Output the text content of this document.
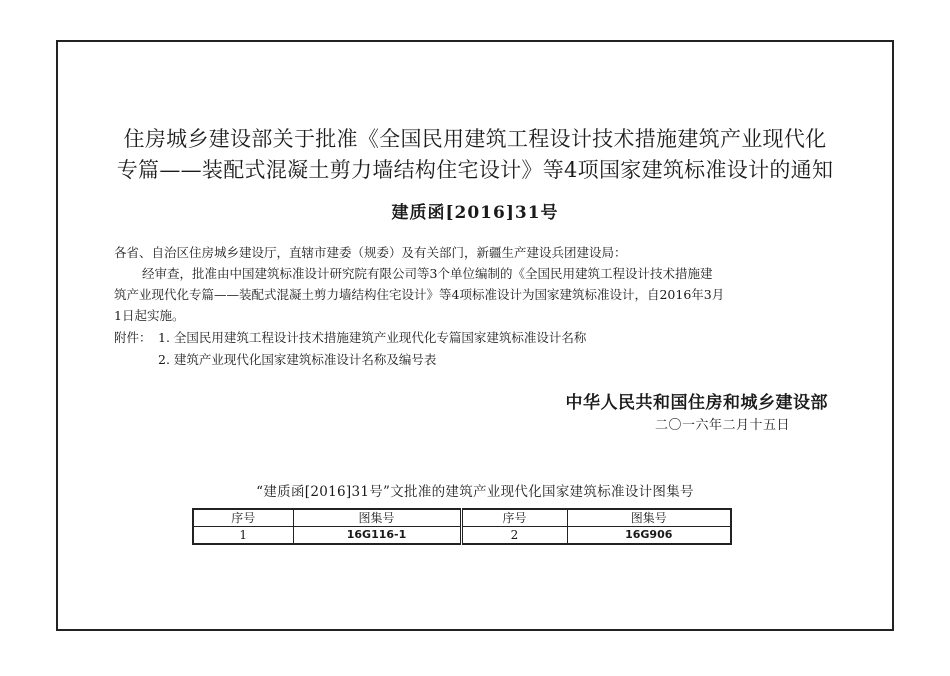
住房城乡建设部关于批准《全国民用建筑工程设计技术措施建筑产业现代化
专篇——装配式混凝土剪力墙结构住宅设计》等4项国家建筑标准设计的通知
建质函[2016]31号
各省、自治区住房城乡建设厅，直辖市建委（规委）及有关部门，新疆生产建设兵团建设局：
经审查，批准由中国建筑标准设计研究院有限公司等3个单位编制的《全国民用建筑工程设计技术措施建
筑产业现代化专篇——装配式混凝土剪力墙结构住宅设计》等4项标准设计为国家建筑标准设计，自2016年3月
1日起实施。
附件： 1. 全国民用建筑工程设计技术措施建筑产业现代化专篇国家建筑标准设计名称
2. 建筑产业现代化国家建筑标准设计名称及编号表
中华人民共和国住房和城乡建设部
二〇一六年二月十五日
“建质函[2016]31号”文批准的建筑产业现代化国家建筑标准设计图集号
序号	图集号	序号	图集号
1	16G116-1	2	16G906
